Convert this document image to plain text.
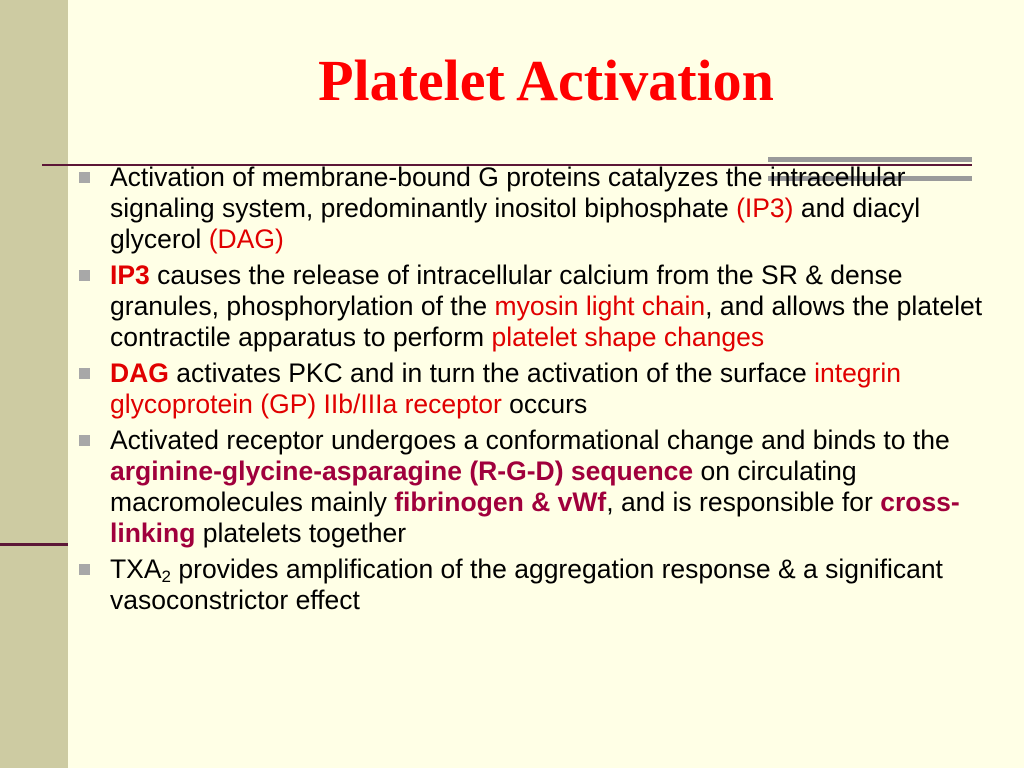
Platelet Activation
Activation of membrane-bound G proteins catalyzes the intracellular signaling system, predominantly inositol biphosphate (IP3) and diacyl glycerol (DAG)
IP3 causes the release of intracellular calcium from the SR & dense granules, phosphorylation of the myosin light chain, and allows the platelet contractile apparatus to perform platelet shape changes
DAG activates PKC and in turn the activation of the surface integrin glycoprotein (GP) IIb/IIIa receptor occurs
Activated receptor undergoes a conformational change and binds to the arginine-glycine-asparagine (R-G-D) sequence on circulating macromolecules mainly fibrinogen & vWf, and is responsible for cross-linking platelets together
$TXA_2$ provides amplification of the aggregation response & a significant vasoconstrictor effect
